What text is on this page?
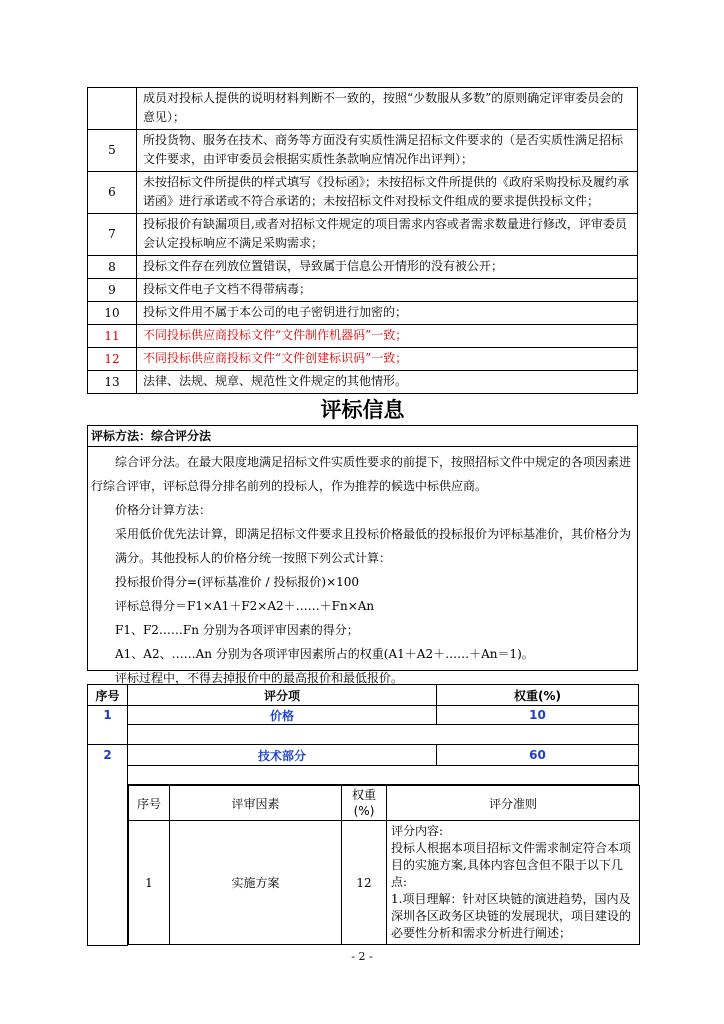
	成员对投标人提供的说明材料判断不一致的，按照“少数服从多数”的原则确定评审委员会的意见）；
5	所投货物、服务在技术、商务等方面没有实质性满足招标文件要求的（是否实质性满足招标文件要求，由评审委员会根据实质性条款响应情况作出评判）；
6	未按招标文件所提供的样式填写《投标函》；未按招标文件所提供的《政府采购投标及履约承诺函》进行承诺或不符合承诺的；未按招标文件对投标文件组成的要求提供投标文件；
7	投标报价有缺漏项目,或者对招标文件规定的项目需求内容或者需求数量进行修改，评审委员会认定投标响应不满足采购需求；
8	投标文件存在列放位置错误，导致属于信息公开情形的没有被公开；
9	投标文件电子文档不得带病毒；
10	投标文件用不属于本公司的电子密钥进行加密的；
11	不同投标供应商投标文件“文件制作机器码”一致；
12	不同投标供应商投标文件“文件创建标识码”一致；
13	法律、法规、规章、规范性文件规定的其他情形。
评标信息
评标方法：综合评分法

综合评分法。在最大限度地满足招标文件实质性要求的前提下，按照招标文件中规定的各项因素进行综合评审，评标总得分排名前列的投标人，作为推荐的候选中标供应商。

价格分计算方法：

采用低价优先法计算，即满足招标文件要求且投标价格最低的投标报价为评标基准价，其价格分为满分。其他投标人的价格分统一按照下列公式计算：

投标报价得分=(评标基准价 / 投标报价)×100

评标总得分＝F1×A1＋F2×A2＋……＋Fn×An

F1、F2……Fn 分别为各项评审因素的得分；

A1、A2、……An 分别为各项评审因素所占的权重(A1＋A2＋……＋An＝1)。

评标过程中，不得去掉报价中的最高报价和最低报价。

序号	评分项	权重(%)
1	价格	10

2	技术部分	60

序号	评审因素	权重(%)	评分准则
1	实施方案	12	评分内容:
投标人根据本项目招标文件需求制定符合本项目的实施方案,具体内容包含但不限于以下几点:
1.项目理解：针对区块链的演进趋势，国内及深圳各区政务区块链的发展现状，项目建设的必要性分析和需求分析进行阐述；
- 2 -
